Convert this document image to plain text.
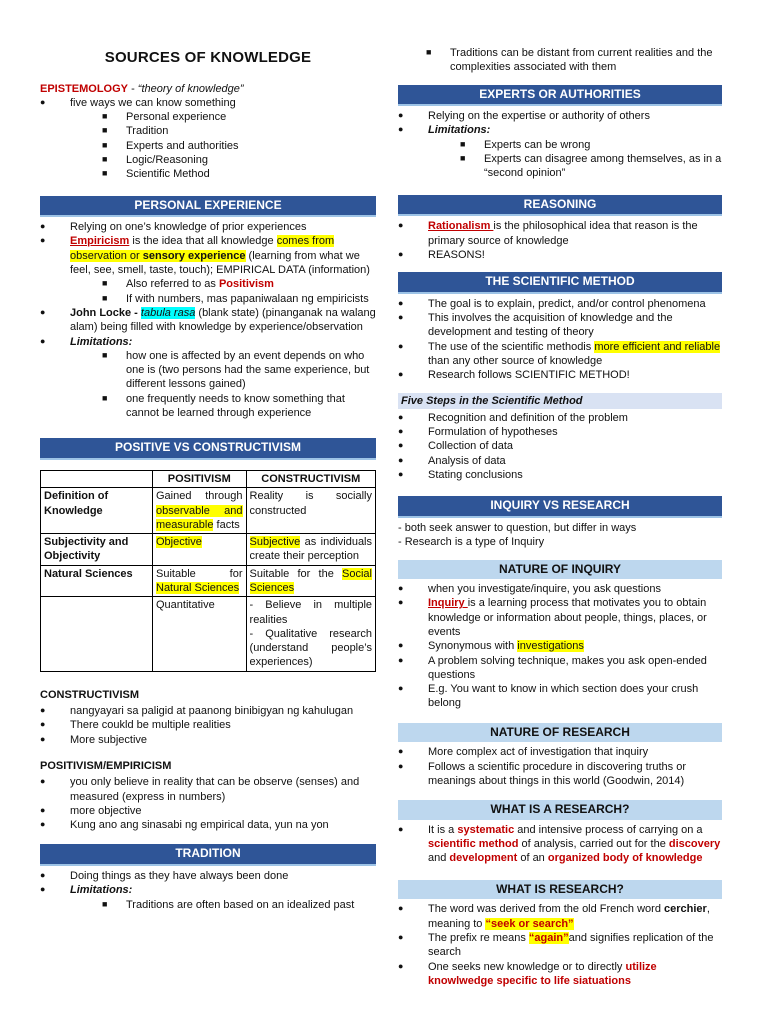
SOURCES OF KNOWLEDGE
EPISTEMOLOGY - “theory of knowledge”
● five ways we can know something
■ Personal experience
■ Tradition
■ Experts and authorities
■ Logic/Reasoning
■ Scientific Method
PERSONAL EXPERIENCE
● Relying on one’s knowledge of prior experiences
● Empiricism is the idea that all knowledge comes from observation or sensory experience (learning from what we feel, see, smell, taste, touch); EMPIRICAL DATA (information)
■ Also referred to as Positivism
■ If with numbers, mas papaniwalaan ng empiricists
● John Locke - tabula rasa (blank state) (pinanganak na walang alam) being filled with knowledge by experience/observation
● Limitations:
■ how one is affected by an event depends on who one is (two persons had the same experience, but different lessons gained)
■ one frequently needs to know something that cannot be learned through experience
POSITIVE VS CONSTRUCTIVISM
	POSITIVISM	CONSTRUCTIVISM
Definition of Knowledge	Gained through observable and measurable facts	Reality is socially constructed
Subjectivity and Objectivity	Objective	Subjective as individuals create their perception
Natural Sciences	Suitable for Natural Sciences	Suitable for the Social Sciences
	Quantitative	- Believe in multiple realities
- Qualitative research (understand people’s experiences)
CONSTRUCTIVISM
● nangyayari sa paligid at paanong binibigyan ng kahulugan
● There coukld be multiple realities
● More subjective
POSITIVISM/EMPIRICISM
● you only believe in reality that can be observe (senses) and measured (express in numbers)
● more objective
● Kung ano ang sinasabi ng empirical data, yun na yon
TRADITION
● Doing things as they have always been done
● Limitations:
■ Traditions are often based on an idealized past
■ Traditions can be distant from current realities and the complexities associated with them
EXPERTS OR AUTHORITIES
● Relying on the expertise or authority of others
● Limitations:
■ Experts can be wrong
■ Experts can disagree among themselves, as in a “second opinion”
REASONING
● Rationalism is the philosophical idea that reason is the primary source of knowledge
● REASONS!
THE SCIENTIFIC METHOD
● The goal is to explain, predict, and/or control phenomena
● This involves the acquisition of knowledge and the development and testing of theory
● The use of the scientific methodis more efficient and reliable than any other source of knowledge
● Research follows SCIENTIFIC METHOD!
Five Steps in the Scientific Method
● Recognition and definition of the problem
● Formulation of hypotheses
● Collection of data
● Analysis of data
● Stating conclusions
INQUIRY VS RESEARCH
- both seek answer to question, but differ in ways
- Research is a type of Inquiry
NATURE OF INQUIRY
● when you investigate/inquire, you ask questions
● Inquiry is a learning process that motivates you to obtain knowledge or information about people, things, places, or events
● Synonymous with investigations
● A problem solving technique, makes you ask open-ended questions
● E.g. You want to know in which section does your crush belong
NATURE OF RESEARCH
● More complex act of investigation that inquiry
● Follows a scientific procedure in discovering truths or meanings about things in this world (Goodwin, 2014)
WHAT IS A RESEARCH?
● It is a systematic and intensive process of carrying on a scientific method of analysis, carried out for the discovery and development of an organized body of knowledge
WHAT IS RESEARCH?
● The word was derived from the old French word cerchier, meaning to “seek or search”
● The prefix re means “again”and signifies replication of the search
● One seeks new knowledge or to directly utilize knowlwedge specific to life siatuations
